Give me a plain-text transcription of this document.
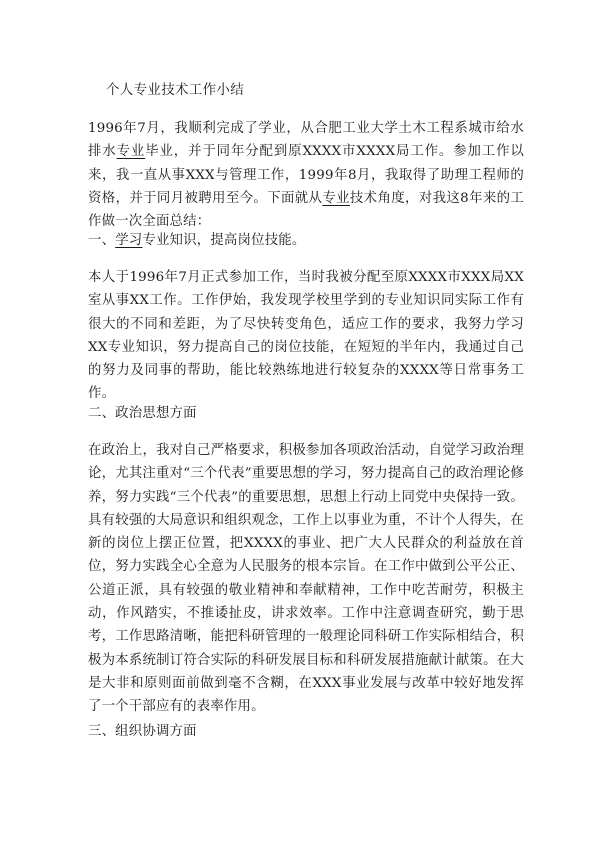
个人专业技术工作小结

1996年7月，我顺利完成了学业，从合肥工业大学土木工程系城市给水排水专业毕业，并于同年分配到原XXXX市XXXX局工作。参加工作以来，我一直从事XXX与管理工作，1999年8月，我取得了助理工程师的资格，并于同月被聘用至今。下面就从专业技术角度，对我这8年来的工作做一次全面总结：

一、学习专业知识，提高岗位技能。

本人于1996年7月正式参加工作，当时我被分配至原XXXX市XXX局XX室从事XX工作。工作伊始，我发现学校里学到的专业知识同实际工作有很大的不同和差距，为了尽快转变角色，适应工作的要求，我努力学习XX专业知识，努力提高自己的岗位技能，在短短的半年内，我通过自己的努力及同事的帮助，能比较熟练地进行较复杂的XXXX等日常事务工作。

二、政治思想方面

在政治上，我对自己严格要求，积极参加各项政治活动，自觉学习政治理论，尤其注重对“三个代表”重要思想的学习，努力提高自己的政治理论修养，努力实践“三个代表”的重要思想，思想上行动上同党中央保持一致。具有较强的大局意识和组织观念，工作上以事业为重，不计个人得失，在新的岗位上摆正位置，把XXXX的事业、把广大人民群众的利益放在首位，努力实践全心全意为人民服务的根本宗旨。在工作中做到公平公正、公道正派，具有较强的敬业精神和奉献精神，工作中吃苦耐劳，积极主动，作风踏实，不推诿扯皮，讲求效率。工作中注意调查研究，勤于思考，工作思路清晰，能把科研管理的一般理论同科研工作实际相结合，积极为本系统制订符合实际的科研发展目标和科研发展措施献计献策。在大是大非和原则面前做到毫不含糊，在XXX事业发展与改革中较好地发挥了一个干部应有的表率作用。

三、组织协调方面
